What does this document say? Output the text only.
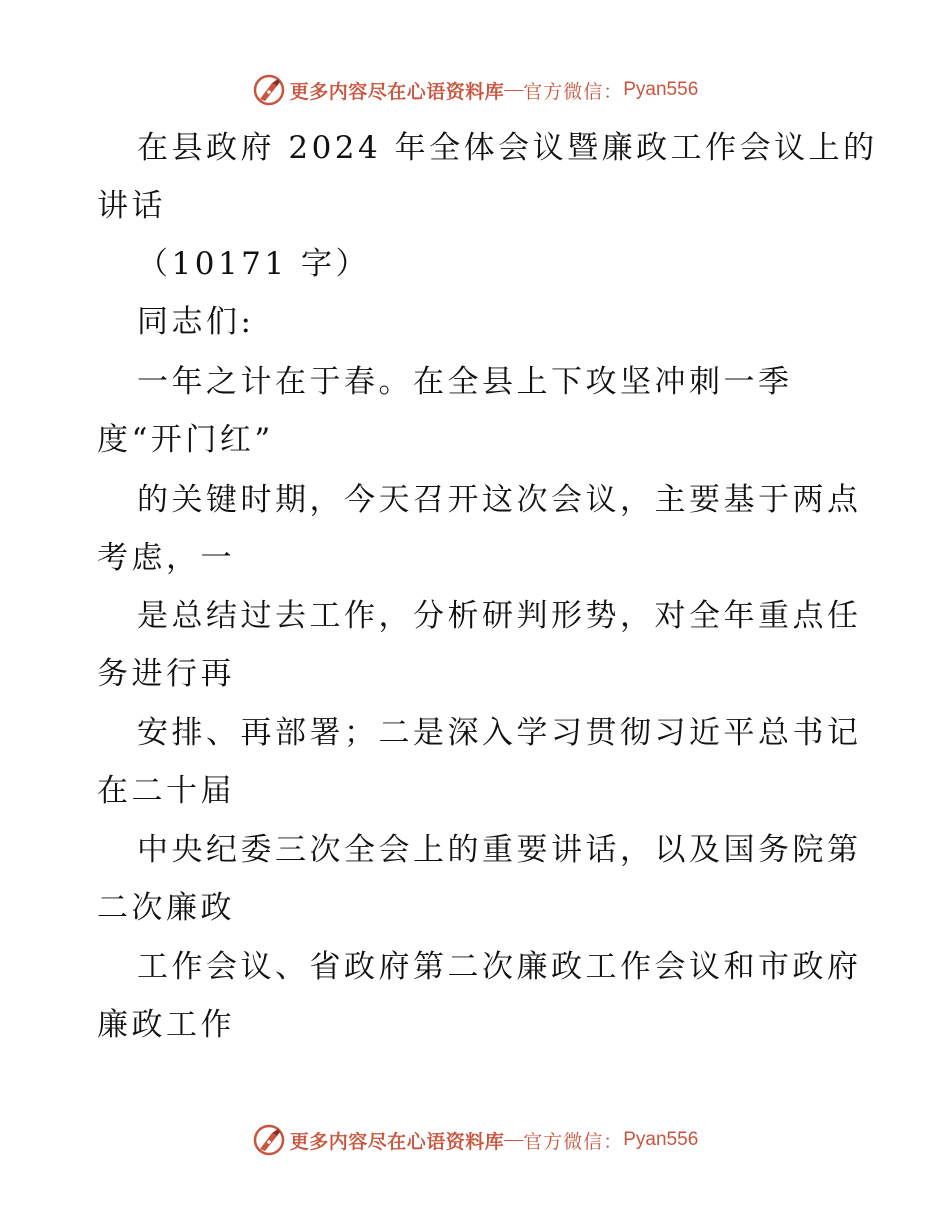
更多内容尽在心语资料库 — 官方微信： Pyan556
在县政府 2024 年全体会议暨廉政工作会议上的
讲话
（10171 字）
同志们:
一年之计在于春。在全县上下攻坚冲刺一季
度“开门红”
的关键时期，今天召开这次会议，主要基于两点
考虑，一
是总结过去工作，分析研判形势，对全年重点任
务进行再
安排、再部署；二是深入学习贯彻习近平总书记
在二十届
中央纪委三次全会上的重要讲话，以及国务院第
二次廉政
工作会议、省政府第二次廉政工作会议和市政府
廉政工作
更多内容尽在心语资料库 — 官方微信： Pyan556
